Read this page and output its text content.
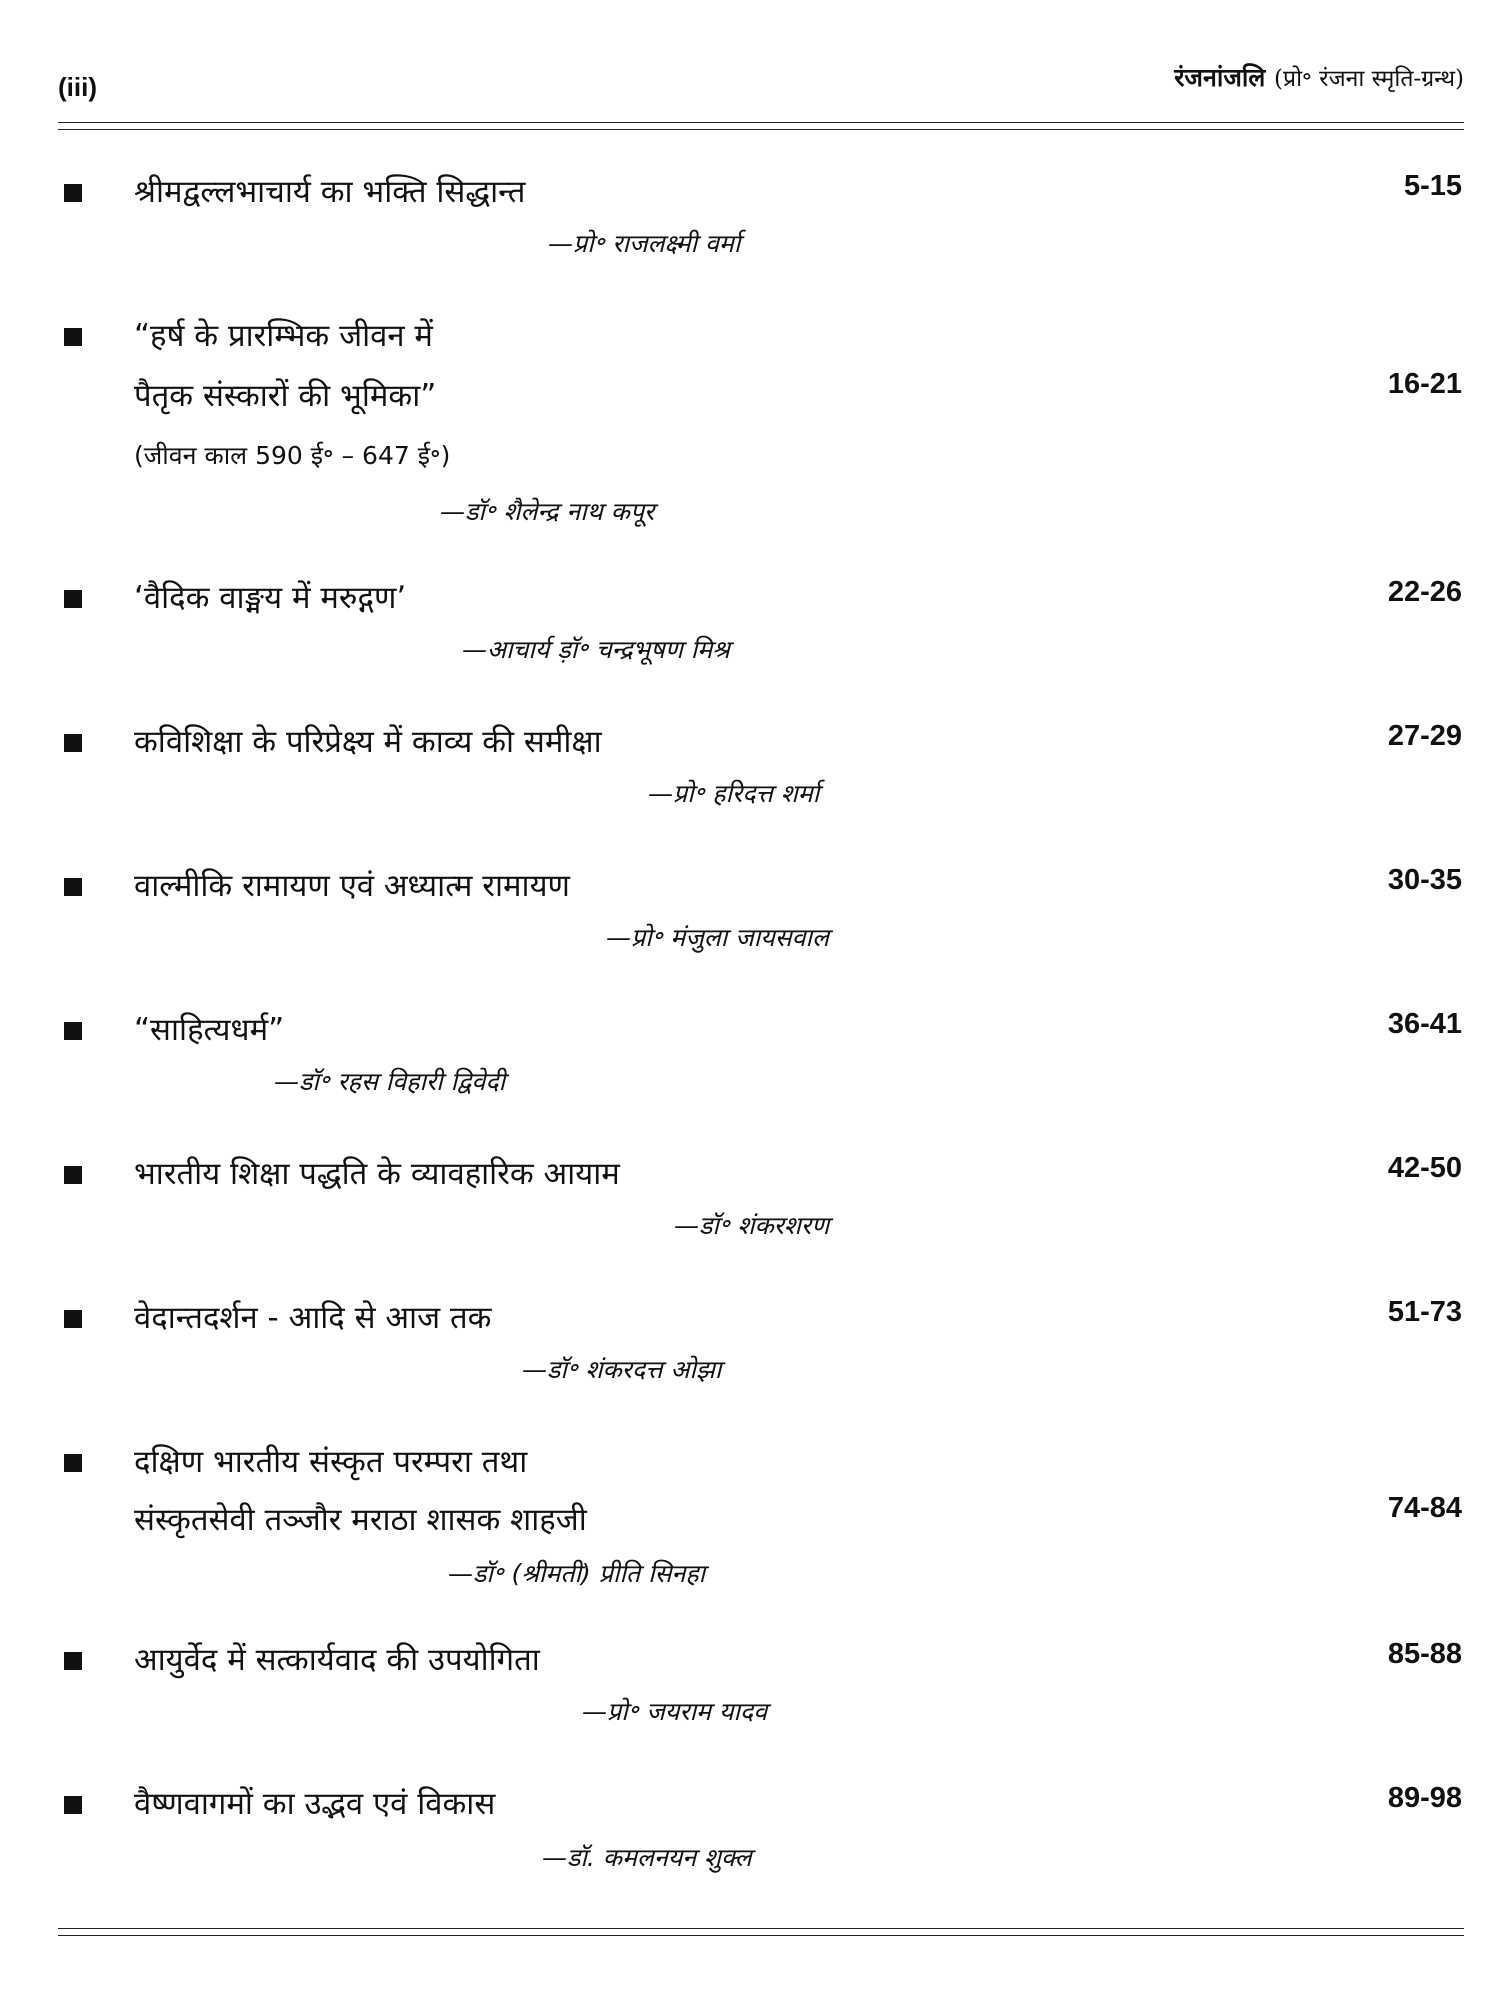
(iii)	रंजनांजलि (प्रो॰ रंजना स्मृति-ग्रन्थ)
श्रीमद्वल्लभाचार्य का भक्ति सिद्धान्त	5-15
—प्रो॰ राजलक्ष्मी वर्मा
“हर्ष के प्रारम्भिक जीवन में
पैतृक संस्कारों की भूमिका”	16-21
(जीवन काल 590 ई॰ – 647 ई॰)
—डॉ॰ शैलेन्द्र नाथ कपूर
‘वैदिक वाङ्मय में मरुद्गण’	22-26
—आचार्य ड़ॉ॰ चन्द्रभूषण मिश्र
कविशिक्षा के परिप्रेक्ष्य में काव्य की समीक्षा	27-29
—प्रो॰ हरिदत्त शर्मा
वाल्मीकि रामायण एवं अध्यात्म रामायण	30-35
—प्रो॰ मंजुला जायसवाल
“साहित्यधर्म”	36-41
—डॉ॰ रहस विहारी द्विवेदी
भारतीय शिक्षा पद्धति के व्यावहारिक आयाम	42-50
—डॉ॰ शंकरशरण
वेदान्तदर्शन - आदि से आज तक	51-73
—डॉ॰ शंकरदत्त ओझा
दक्षिण भारतीय संस्कृत परम्परा तथा
संस्कृतसेवी तञ्जौर मराठा शासक शाहजी	74-84
—डॉ॰ (श्रीमती) प्रीति सिनहा
आयुर्वेद में सत्कार्यवाद की उपयोगिता	85-88
—प्रो॰ जयराम यादव
वैष्णवागमों का उद्भव एवं विकास	89-98
—डॉ. कमलनयन शुक्ल
